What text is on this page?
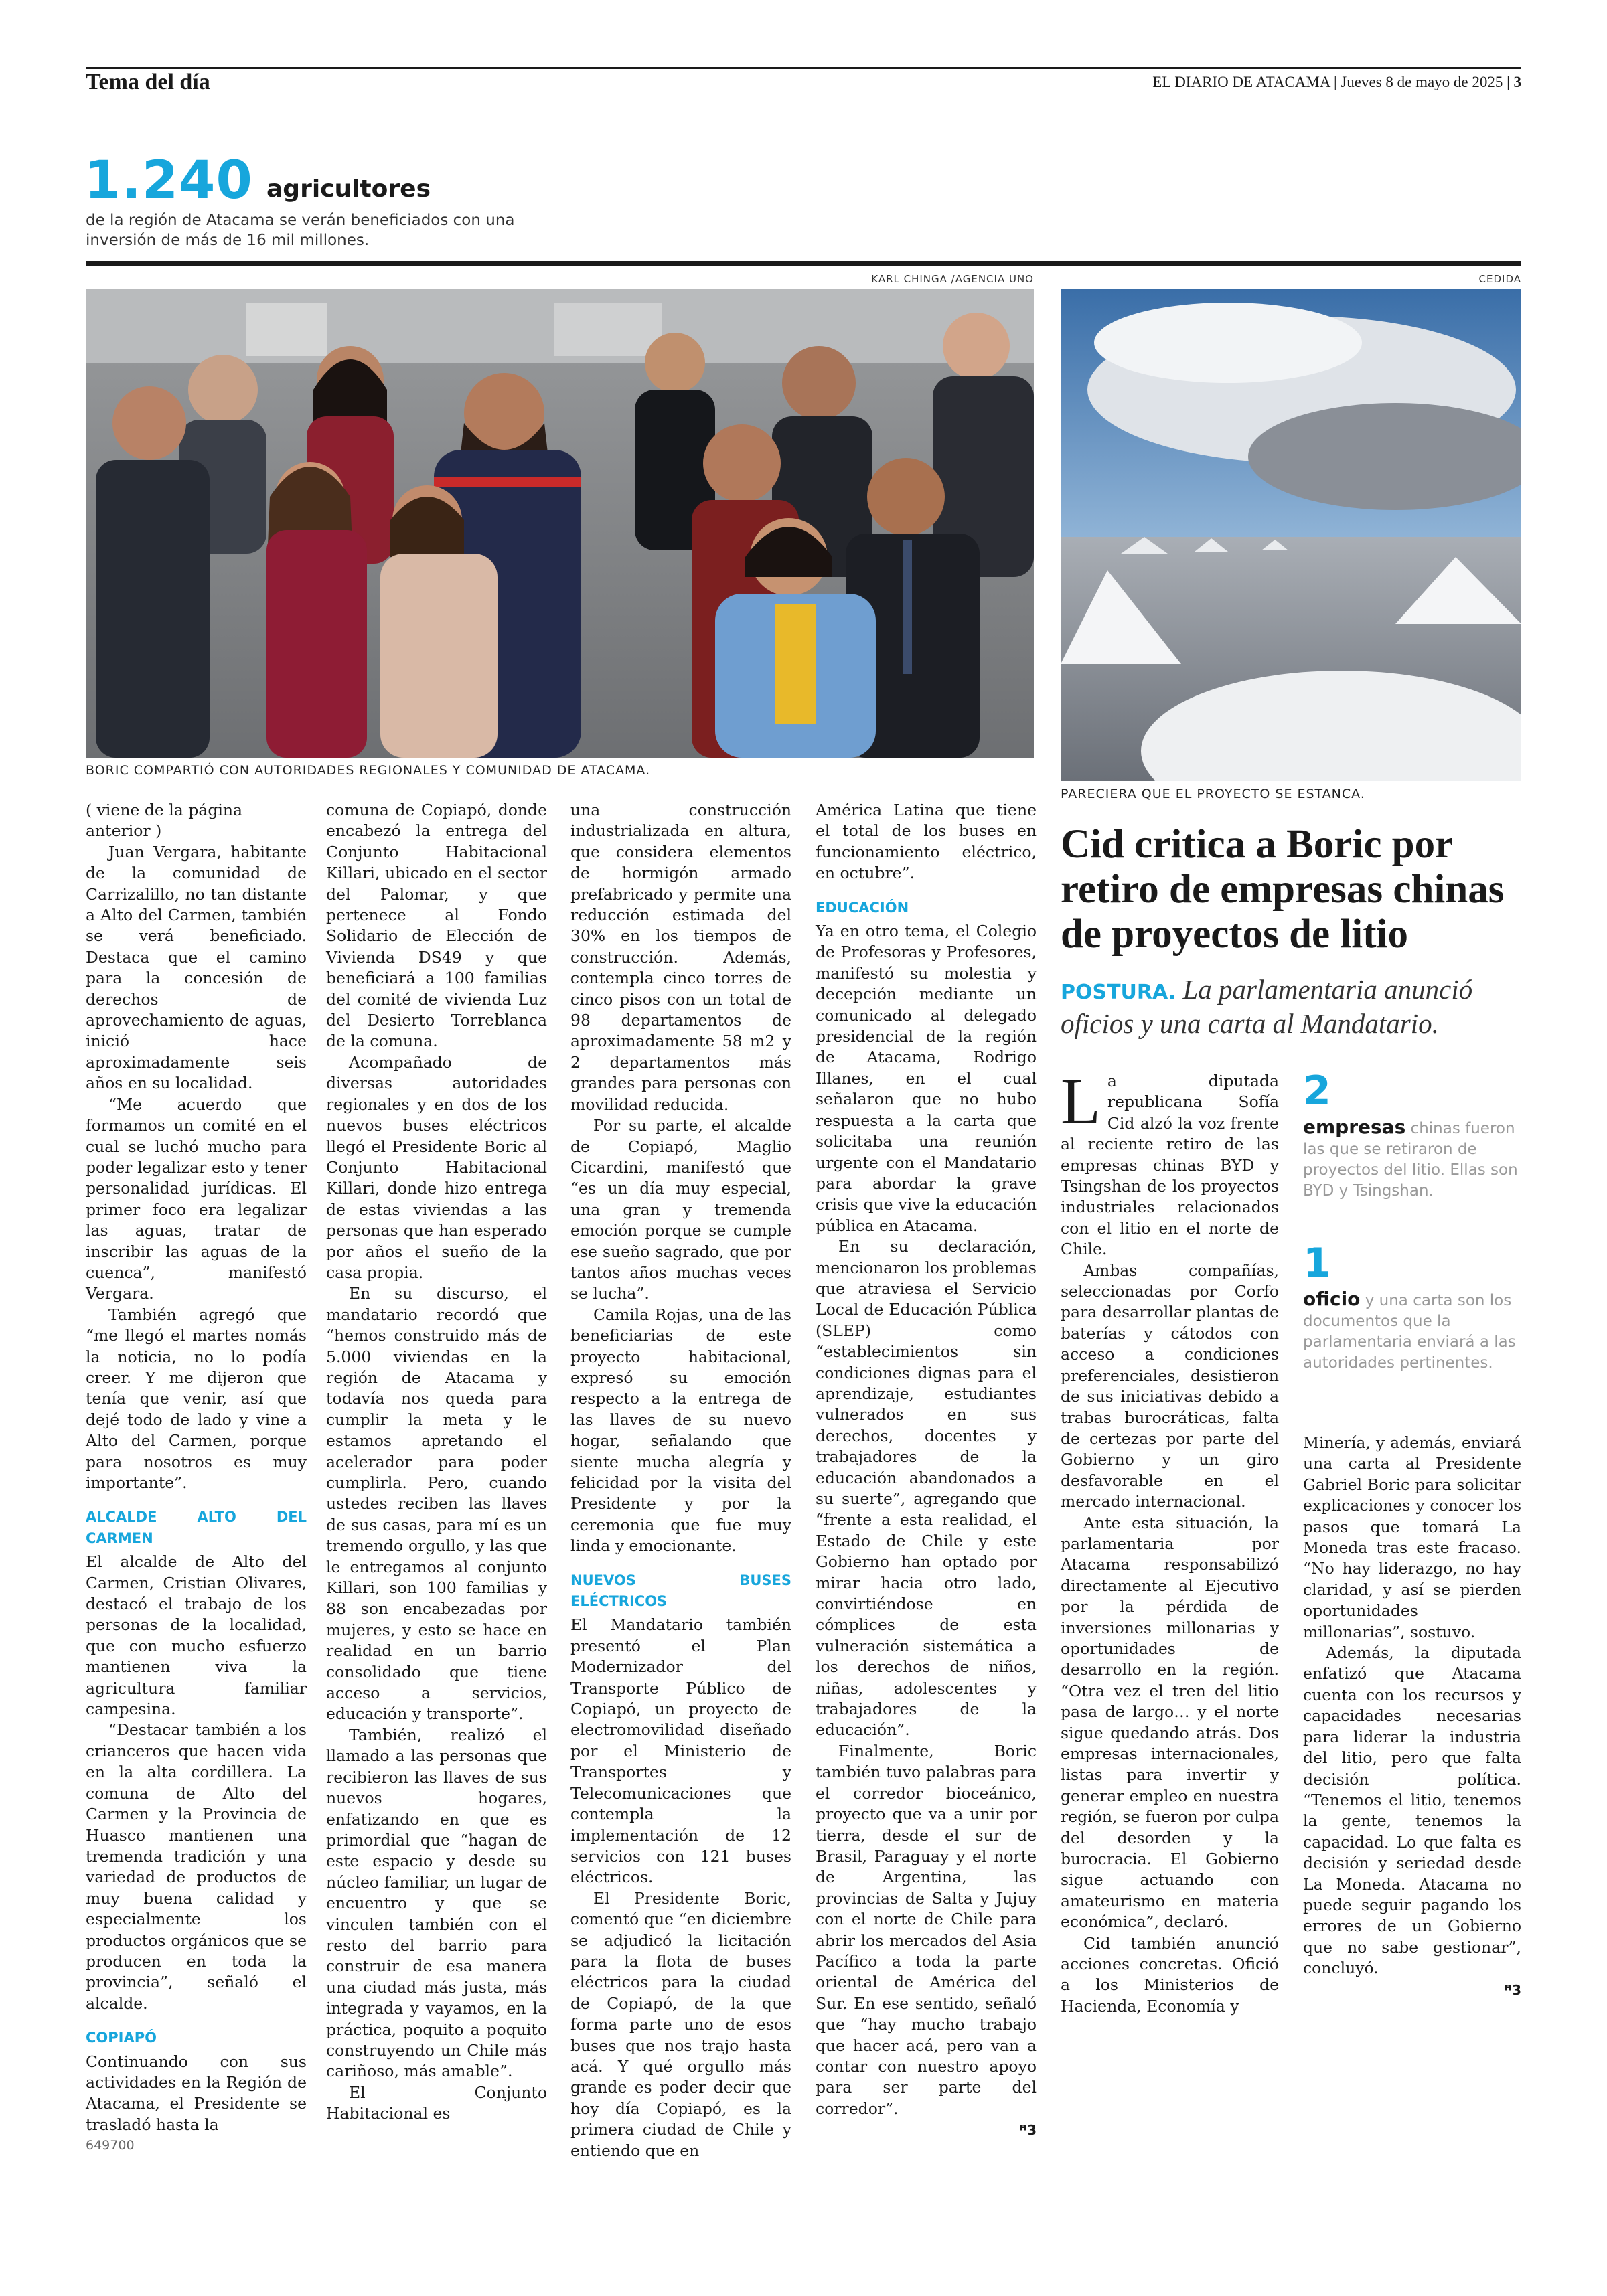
Tema del día	EL DIARIO DE ATACAMA | Jueves 8 de mayo de 2025 | 3
1.240 agricultores
de la región de Atacama se verán beneficiados con una inversión de más de 16 mil millones.
KARL CHINGA /AGENCIA UNO	CEDIDA
BORIC COMPARTIÓ CON AUTORIDADES REGIONALES Y COMUNIDAD DE ATACAMA.
PARECIERA QUE EL PROYECTO SE ESTANCA.

( viene de la página anterior )

Juan Vergara, habitante de la comunidad de Carrizalillo, no tan distante a Alto del Carmen, también se verá beneficiado. Destaca que el camino para la concesión de derechos de aprovechamiento de aguas, inició hace aproximadamente seis años en su localidad.

“Me acuerdo que formamos un comité en el cual se luchó mucho para poder legalizar esto y tener personalidad jurídicas. El primer foco era legalizar las aguas, tratar de inscribir las aguas de la cuenca”, manifestó Vergara.

También agregó que “me llegó el martes nomás la noticia, no lo podía creer. Y me dijeron que tenía que venir, así que dejé todo de lado y vine a Alto del Carmen, porque para nosotros es muy importante”.

ALCALDE ALTO DEL CARMEN

El alcalde de Alto del Carmen, Cristian Olivares, destacó el trabajo de los personas de la localidad, que con mucho esfuerzo mantienen viva la agricultura familiar campesina.

“Destacar también a los crianceros que hacen vida en la alta cordillera. La comuna de Alto del Carmen y la Provincia de Huasco mantienen una tremenda tradición y una variedad de productos de muy buena calidad y especialmente los productos orgánicos que se producen en toda la provincia”, señaló el alcalde.

COPIAPÓ

Continuando con sus actividades en la Región de Atacama, el Presidente se trasladó hasta la

649700

comuna de Copiapó, donde encabezó la entrega del Conjunto Habitacional Killari, ubicado en el sector del Palomar, y que pertenece al Fondo Solidario de Elección de Vivienda DS49 y que beneficiará a 100 familias del comité de vivienda Luz del Desierto Torreblanca de la comuna.

Acompañado de diversas autoridades regionales y en dos de los nuevos buses eléctricos llegó el Presidente Boric al Conjunto Habitacional Killari, donde hizo entrega de estas viviendas a las personas que han esperado por años el sueño de la casa propia.

En su discurso, el mandatario recordó que “hemos construido más de 5.000 viviendas en la región de Atacama y todavía nos queda para cumplir la meta y le estamos apretando el acelerador para poder cumplirla. Pero, cuando ustedes reciben las llaves de sus casas, para mí es un tremendo orgullo, y las que le entregamos al conjunto Killari, son 100 familias y 88 son encabezadas por mujeres, y esto se hace en realidad en un barrio consolidado que tiene acceso a servicios, educación y transporte”.

También, realizó el llamado a las personas que recibieron las llaves de sus nuevos hogares, enfatizando en que es primordial que “hagan de este espacio y desde su núcleo familiar, un lugar de encuentro y que se vinculen también con el resto del barrio para construir de esa manera una ciudad más justa, más integrada y vayamos, en la práctica, poquito a poquito construyendo un Chile más cariñoso, más amable”.

El Conjunto Habitacional es

una construcción industrializada en altura, que considera elementos de hormigón armado prefabricado y permite una reducción estimada del 30% en los tiempos de construcción. Además, contempla cinco torres de cinco pisos con un total de 98 departamentos de aproximadamente 58 m2 y 2 departamentos más grandes para personas con movilidad reducida.

Por su parte, el alcalde de Copiapó, Maglio Cicardini, manifestó que “es un día muy especial, una gran y tremenda emoción porque se cumple ese sueño sagrado, que por tantos años muchas veces se lucha”.

Camila Rojas, una de las beneficiarias de este proyecto habitacional, expresó su emoción respecto a la entrega de las llaves de su nuevo hogar, señalando que siente mucha alegría y felicidad por la visita del Presidente y por la ceremonia que fue muy linda y emocionante.

NUEVOS BUSES ELÉCTRICOS

El Mandatario también presentó el Plan Modernizador del Transporte Público de Copiapó, un proyecto de electromovilidad diseñado por el Ministerio de Transportes y Telecomunicaciones que contempla la implementación de 12 servicios con 121 buses eléctricos.

El Presidente Boric, comentó que “en diciembre se adjudicó la licitación para la flota de buses eléctricos para la ciudad de Copiapó, de la que forma parte uno de esos buses que nos trajo hasta acá. Y qué orgullo más grande es poder decir que hoy día Copiapó, es la primera ciudad de Chile y entiendo que en

América Latina que tiene el total de los buses en funcionamiento eléctrico, en octubre”.

EDUCACIÓN

Ya en otro tema, el Colegio de Profesoras y Profesores, manifestó su molestia y decepción mediante un comunicado al delegado presidencial de la región de Atacama, Rodrigo Illanes, en el cual señalaron que no hubo respuesta a la carta que solicitaba una reunión urgente con el Mandatario para abordar la grave crisis que vive la educación pública en Atacama.

En su declaración, mencionaron los problemas que atraviesa el Servicio Local de Educación Pública (SLEP) como “establecimientos sin condiciones dignas para el aprendizaje, estudiantes vulnerados en sus derechos, docentes y trabajadores de la educación abandonados a su suerte”, agregando que “frente a esta realidad, el Estado de Chile y este Gobierno han optado por mirar hacia otro lado, convirtiéndose en cómplices de esta vulneración sistemática a los derechos de niños, niñas, adolescentes y trabajadores de la educación”.

Finalmente, Boric también tuvo palabras para el corredor bioceánico, proyecto que va a unir por tierra, desde el sur de Brasil, Paraguay y el norte de Argentina, las provincias de Salta y Jujuy con el norte de Chile para abrir los mercados del Asia Pacífico a toda la parte oriental de América del Sur. En ese sentido, señaló que “hay mucho trabajo que hacer acá, pero van a contar con nuestro apoyo para ser parte del corredor”.

ꟸ3

Cid critica a Boric por retiro de empresas chinas de proyectos de litio
POSTURA. La parlamentaria anunció oficios y una carta al Mandatario.

La diputada republicana Sofía Cid alzó la voz frente al reciente retiro de las empresas chinas BYD y Tsingshan de los proyectos industriales relacionados con el litio en el norte de Chile.

Ambas compañías, seleccionadas por Corfo para desarrollar plantas de baterías y cátodos con acceso a condiciones preferenciales, desistieron de sus iniciativas debido a trabas burocráticas, falta de certezas por parte del Gobierno y un giro desfavorable en el mercado internacional.

Ante esta situación, la parlamentaria por Atacama responsabilizó directamente al Ejecutivo por la pérdida de inversiones millonarias y oportunidades de desarrollo en la región. “Otra vez el tren del litio pasa de largo… y el norte sigue quedando atrás. Dos empresas internacionales, listas para invertir y generar empleo en nuestra región, se fueron por culpa del desorden y la burocracia. El Gobierno sigue actuando con amateurismo en materia económica”, declaró.

Cid también anunció acciones concretas. Ofició a los Ministerios de Hacienda, Economía y

2
empresas chinas fueron las que se retiraron de proyectos del litio. Ellas son BYD y Tsingshan.
1
oficio y una carta son los documentos que la parlamentaria enviará a las autoridades pertinentes.

Minería, y además, enviará una carta al Presidente Gabriel Boric para solicitar explicaciones y conocer los pasos que tomará La Moneda tras este fracaso. “No hay liderazgo, no hay claridad, y así se pierden oportunidades millonarias”, sostuvo.

Además, la diputada enfatizó que Atacama cuenta con los recursos y capacidades necesarias para liderar la industria del litio, pero que falta decisión política. “Tenemos el litio, tenemos la gente, tenemos la capacidad. Lo que falta es decisión y seriedad desde La Moneda. Atacama no puede seguir pagando los errores de un Gobierno que no sabe gestionar”, concluyó.

ꟸ3
